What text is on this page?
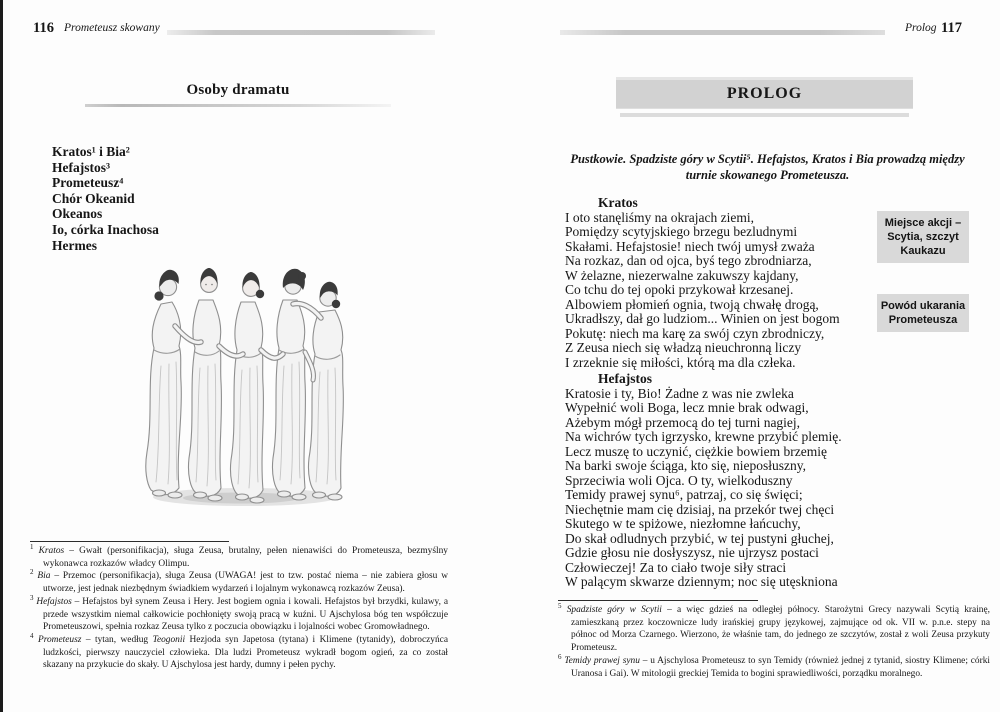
116 Prometeusz skowany
Osoby dramatu
Kratos¹ i Bia²
Hefajstos³
Prometeusz⁴
Chór Okeanid
Okeanos
Io, córka Inachosa
Hermes

$^1$ Kratos – Gwałt (personifikacja), sługa Zeusa, brutalny, pełen nienawiści do Prometeusza, bezmyślny wykonawca rozkazów władcy Olimpu.

$^2$ Bia – Przemoc (personifikacja), sługa Zeusa (UWAGA! jest to tzw. postać niema – nie zabiera głosu w utworze, jest jednak niezbędnym świadkiem wydarzeń i lojalnym wykonawcą rozkazów Zeusa).

$^3$ Hefajstos – Hefajstos był synem Zeusa i Hery. Jest bogiem ognia i kowali. Hefajstos był brzydki, kulawy, a przede wszystkim niemal całkowicie pochłonięty swoją pracą w kuźni. U Ajschylosa bóg ten współczuje Prometeuszowi, spełnia rozkaz Zeusa tylko z poczucia obowiązku i lojalności wobec Gromowładnego.

$^4$ Prometeusz – tytan, według Teogonii Hezjoda syn Japetosa (tytana) i Klimene (tytanidy), dobroczyńca ludzkości, pierwszy nauczyciel człowieka. Dla ludzi Prometeusz wykradł bogom ogień, za co został skazany na przykucie do skały. U Ajschylosa jest hardy, dumny i pełen pychy.

Prolog 117
PROLOG
Pustkowie. Spadziste góry w Scytii⁵. Hefajstos, Kratos i Bia prowadzą między turnie skowanego Prometeusza.
Kratos
I oto stanęliśmy na okrajach ziemi,
Pomiędzy scytyjskiego brzegu bezludnymi
Skałami. Hefajstosie! niech twój umysł zważa
Na rozkaz, dan od ojca, byś tego zbrodniarza,
W żelazne, niezerwalne zakuwszy kajdany,
Co tchu do tej opoki przykował krzesanej.
Albowiem płomień ognia, twoją chwałę drogą,
Ukradłszy, dał go ludziom... Winien on jest bogom
Pokutę: niech ma karę za swój czyn zbrodniczy,
Z Zeusa niech się władzą nieuchronną liczy
I zrzeknie się miłości, którą ma dla człeka.
Hefajstos
Kratosie i ty, Bio! Żadne z was nie zwleka
Wypełnić woli Boga, lecz mnie brak odwagi,
Ażebym mógł przemocą do tej turni nagiej,
Na wichrów tych igrzysko, krewne przybić plemię.
Lecz muszę to uczynić, ciężkie bowiem brzemię
Na barki swoje ściąga, kto się, nieposłuszny,
Sprzeciwia woli Ojca. O ty, wielkoduszny
Temidy prawej synu⁶, patrzaj, co się święci;
Niechętnie mam cię dzisiaj, na przekór twej chęci
Skutego w te spiżowe, niezłomne łańcuchy,
Do skał odludnych przybić, w tej pustyni głuchej,
Gdzie głosu nie dosłyszysz, nie ujrzysz postaci
Człowieczej! Za to ciało twoje siły straci
W palącym skwarze dziennym; noc się utęskniona
Miejsce akcji – Scytia, szczyt Kaukazu
Powód ukarania Prometeusza

$^5$ Spadziste góry w Scytii – a więc gdzieś na odległej północy. Starożytni Grecy nazywali Scytią krainę, zamieszkaną przez koczownicze ludy irańskiej grupy językowej, zajmujące od ok. VII w. p.n.e. stepy na północ od Morza Czarnego. Wierzono, że właśnie tam, do jednego ze szczytów, został z woli Zeusa przykuty Prometeusz.

$^6$ Temidy prawej synu – u Ajschylosa Prometeusz to syn Temidy (również jednej z tytanid, siostry Klimene; córki Uranosa i Gai). W mitologii greckiej Temida to bogini sprawiedliwości, porządku moralnego.
